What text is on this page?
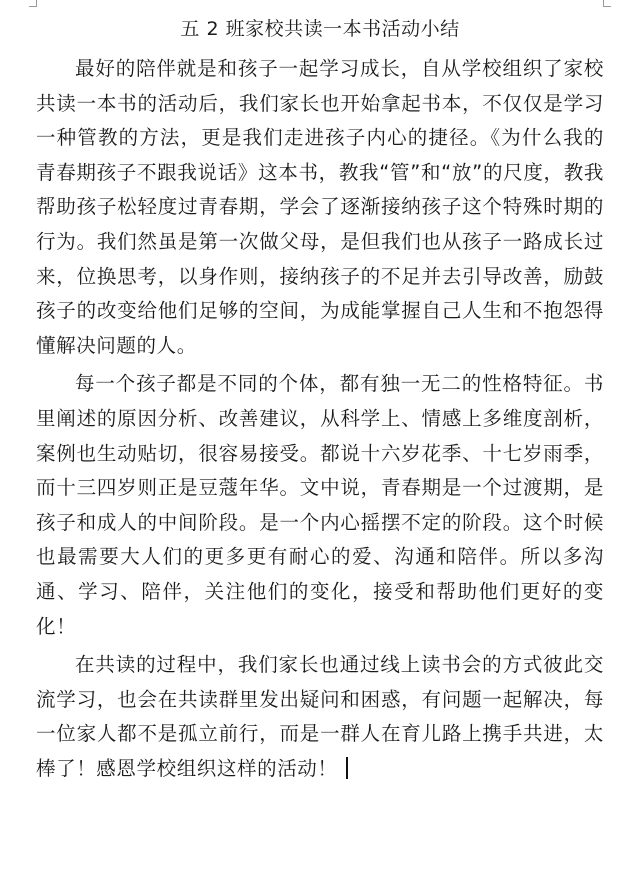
五 2 班家校共读一本书活动小结

最好的陪伴就是和孩子一起学习成长，自从学校组织了家校共读一本书的活动后，我们家长也开始拿起书本，不仅仅是学习一种管教的方法，更是我们走进孩子内心的捷径。《为什么我的青春期孩子不跟我说话》这本书，教我“管”和“放”的尺度，教我帮助孩子松轻度过青春期，学会了逐渐接纳孩子这个特殊时期的行为。我们然虽是第一次做父母，是但我们也从孩子一路成长过来，位换思考，以身作则，接纳孩子的不足并去引导改善，励鼓孩子的改变给他们足够的空间，为成能掌握自己人生和不抱怨得懂解决问题的人。

每一个孩子都是不同的个体，都有独一无二的性格特征。书里阐述的原因分析、改善建议，从科学上、情感上多维度剖析，案例也生动贴切，很容易接受。都说十六岁花季、十七岁雨季，而十三四岁则正是豆蔻年华。文中说，青春期是一个过渡期，是孩子和成人的中间阶段。是一个内心摇摆不定的阶段。这个时候也最需要大人们的更多更有耐心的爱、沟通和陪伴。所以多沟通、学习、陪伴，关注他们的变化，接受和帮助他们更好的变化！

在共读的过程中，我们家长也通过线上读书会的方式彼此交流学习，也会在共读群里发出疑问和困惑，有问题一起解决，每一位家人都不是孤立前行，而是一群人在育儿路上携手共进，太棒了！感恩学校组织这样的活动！
